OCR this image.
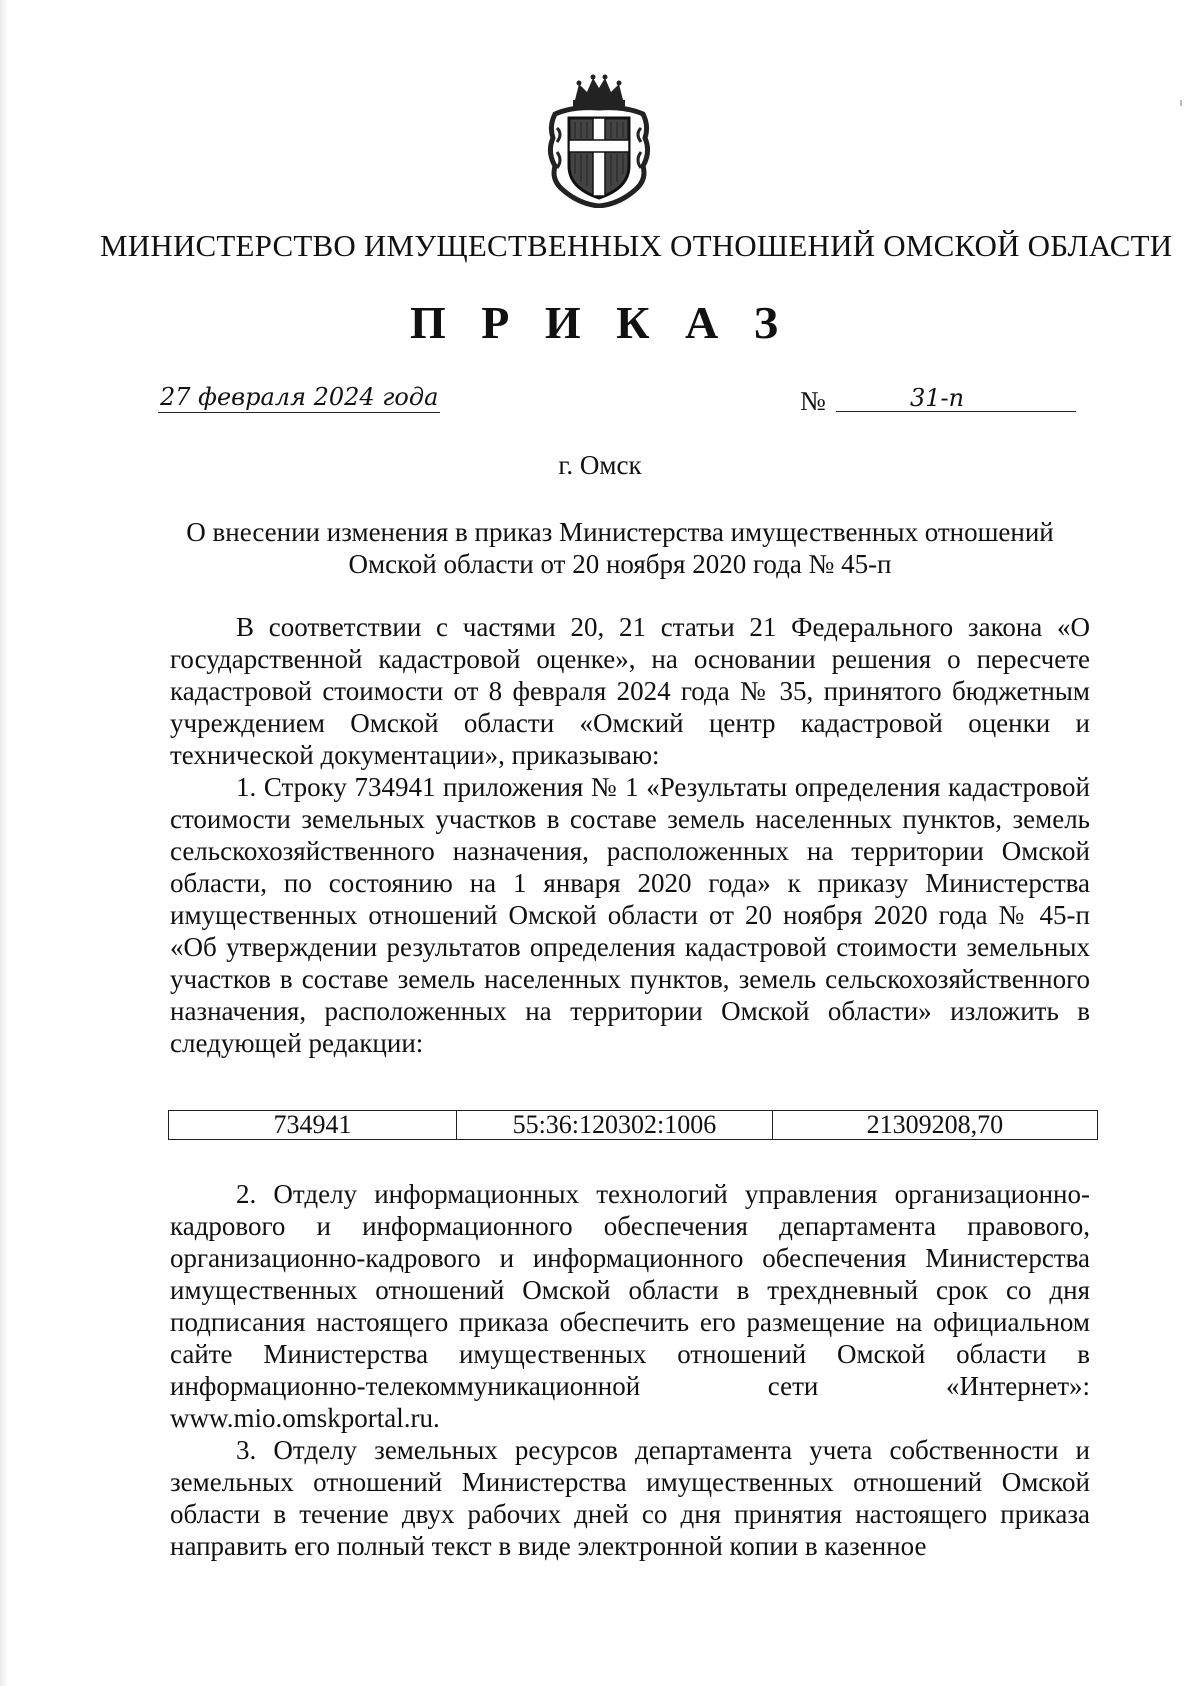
МИНИСТЕРСТВО ИМУЩЕСТВЕННЫХ ОТНОШЕНИЙ ОМСКОЙ ОБЛАСТИ
П Р И К А З
27 февраля 2024 года	№	31-п
г. Омск
О внесении изменения в приказ Министерства имущественных отношений
Омской области от 20 ноября 2020 года № 45-п

В соответствии с частями 20, 21 статьи 21 Федерального закона «О государственной кадастровой оценке», на основании решения о пересчете кадастровой стоимости от 8 февраля 2024 года № 35, принятого бюджетным учреждением Омской области «Омский центр кадастровой оценки и технической документации», приказываю:

1. Строку 734941 приложения № 1 «Результаты определения кадастровой стоимости земельных участков в составе земель населенных пунктов, земель сельскохозяйственного назначения, расположенных на территории Омской области, по состоянию на 1 января 2020 года» к приказу Министерства имущественных отношений Омской области от 20 ноября 2020 года № 45-п «Об утверждении результатов определения кадастровой стоимости земельных участков в составе земель населенных пунктов, земель сельскохозяйственного назначения, расположенных на территории Омской области» изложить в следующей редакции:

734941	55:36:120302:1006	21309208,70

2. Отделу информационных технологий управления организационно-кадрового и информационного обеспечения департамента правового, организационно-кадрового и информационного обеспечения Министерства имущественных отношений Омской области в трехдневный срок со дня подписания настоящего приказа обеспечить его размещение на официальном сайте Министерства имущественных отношений Омской области в информационно-телекоммуникационной сети «Интернет»: www.mio.omskportal.ru.

3. Отделу земельных ресурсов департамента учета собственности и земельных отношений Министерства имущественных отношений Омской области в течение двух рабочих дней со дня принятия настоящего приказа направить его полный текст в виде электронной копии в казенное
